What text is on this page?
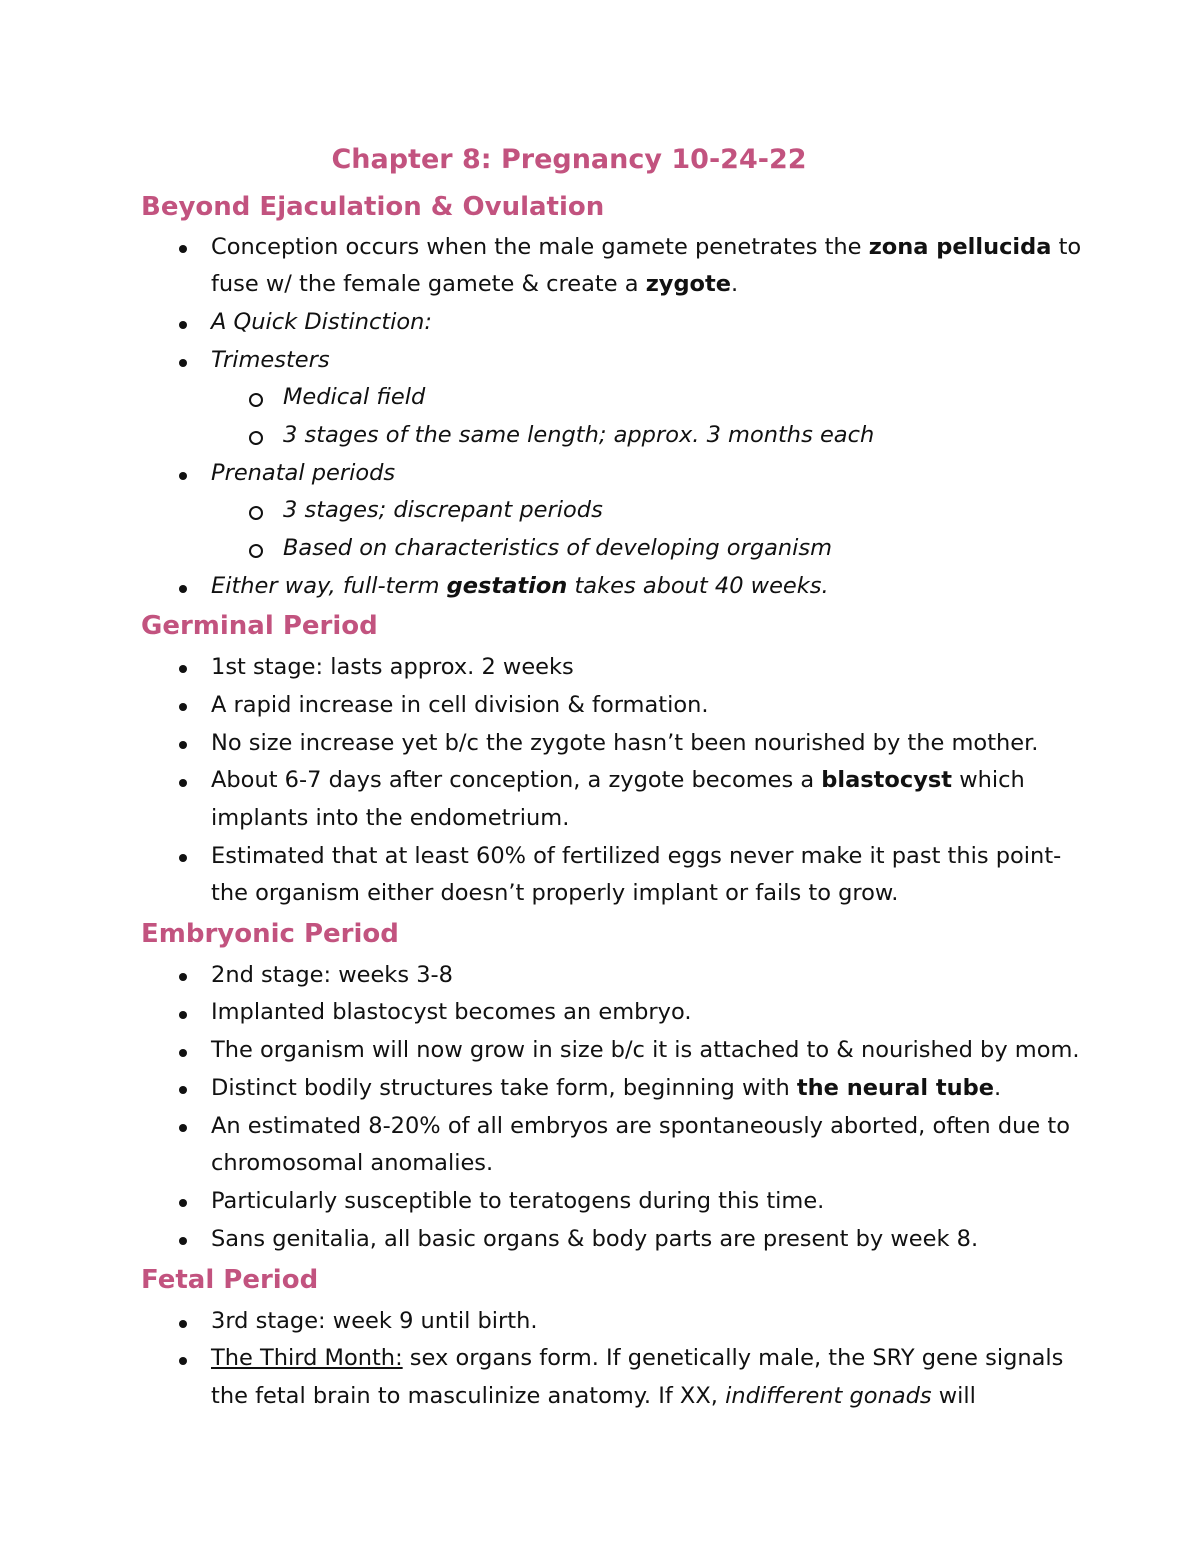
Chapter 8: Pregnancy 10-24-22
Beyond Ejaculation & Ovulation

Conception occurs when the male gamete penetrates the zona pellucida to

fuse w/ the female gamete & create a zygote.

A Quick Distinction:

Trimesters

Medical field

3 stages of the same length; approx. 3 months each

Prenatal periods

3 stages; discrepant periods

Based on characteristics of developing organism

Either way, full-term gestation takes about 40 weeks.

Germinal Period

1st stage: lasts approx. 2 weeks

A rapid increase in cell division & formation.

No size increase yet b/c the zygote hasn’t been nourished by the mother.

About 6-7 days after conception, a zygote becomes a blastocyst which

implants into the endometrium.

Estimated that at least 60% of fertilized eggs never make it past this point-

the organism either doesn’t properly implant or fails to grow.

Embryonic Period

2nd stage: weeks 3-8

Implanted blastocyst becomes an embryo.

The organism will now grow in size b/c it is attached to & nourished by mom.

Distinct bodily structures take form, beginning with the neural tube.

An estimated 8-20% of all embryos are spontaneously aborted, often due to

chromosomal anomalies.

Particularly susceptible to teratogens during this time.

Sans genitalia, all basic organs & body parts are present by week 8.

Fetal Period

3rd stage: week 9 until birth.

The Third Month: sex organs form. If genetically male, the SRY gene signals

the fetal brain to masculinize anatomy. If XX, indifferent gonads will
